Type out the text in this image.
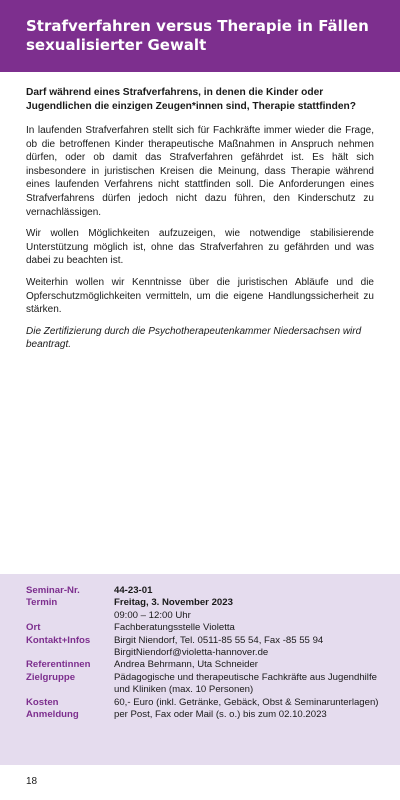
Strafverfahren versus Therapie in Fällen sexualisierter Gewalt

Darf während eines Strafverfahrens, in denen die Kinder oder Jugendlichen die einzigen Zeugen*innen sind, Therapie stattfinden?

In laufenden Strafverfahren stellt sich für Fachkräfte immer wieder die Frage, ob die betroffenen Kinder therapeutische Maßnahmen in Anspruch nehmen dürfen, oder ob damit das Strafverfahren gefährdet ist. Es hält sich insbesondere in juristischen Kreisen die Meinung, dass Therapie während eines laufenden Verfahrens nicht stattfinden soll. Die Anforderungen eines Strafverfahrens dürfen jedoch nicht dazu führen, den Kinderschutz zu vernachlässigen.

Wir wollen Möglichkeiten aufzuzeigen, wie notwendige stabilisierende Unterstützung möglich ist, ohne das Strafverfahren zu gefährden und was dabei zu beachten ist.

Weiterhin wollen wir Kenntnisse über die juristischen Abläufe und die Opferschutzmöglichkeiten vermitteln, um die eigene Handlungssicherheit zu stärken.

Die Zertifizierung durch die Psychotherapeutenkammer Niedersachsen wird beantragt.

Seminar-Nr.	44-23-01
Termin	Freitag, 3. November 2023
	09:00 – 12:00 Uhr
Ort	Fachberatungsstelle Violetta
Kontakt+Infos	Birgit Niendorf, Tel. 0511-85 55 54, Fax -85 55 94
	BirgitNiendorf@violetta-hannover.de
Referentinnen	Andrea Behrmann, Uta Schneider
Zielgruppe	Pädagogische und therapeutische Fachkräfte aus Jugendhilfe und Kliniken (max. 10 Personen)
Kosten	60,- Euro (inkl. Getränke, Gebäck, Obst & Seminarunterlagen)
Anmeldung	per Post, Fax oder Mail (s. o.) bis zum 02.10.2023
18
